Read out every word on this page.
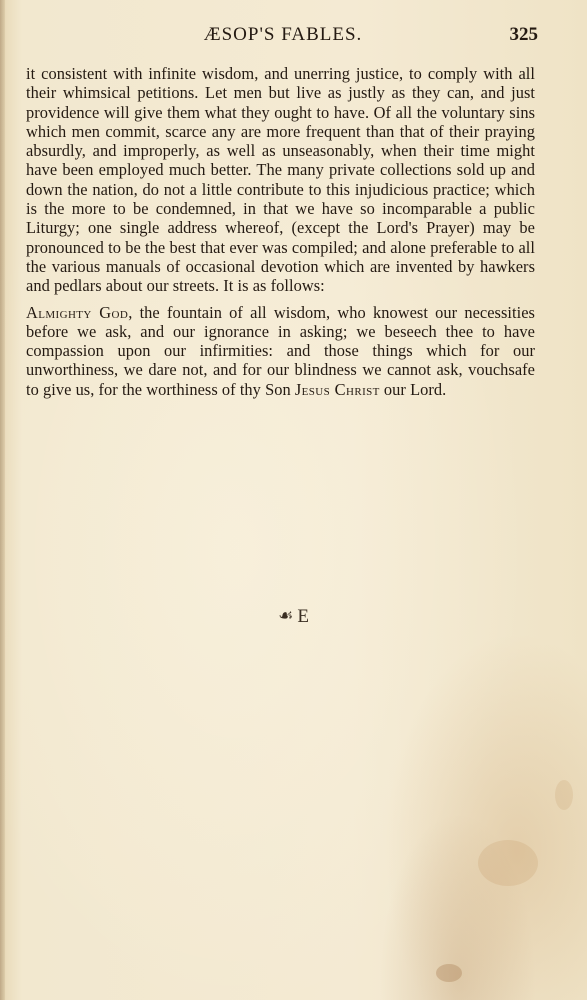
ÆSOP'S FABLES.	325

it consistent with infinite wisdom, and unerring justice, to comply with all their whimsical petitions. Let men but live as justly as they can, and just providence will give them what they ought to have. Of all the voluntary sins which men commit, scarce any are more frequent than that of their praying absurdly, and improperly, as well as unseasonably, when their time might have been employed much better. The many private collections sold up and down the nation, do not a little contribute to this injudicious practice; which is the more to be condemned, in that we have so incomparable a public Liturgy; one single address whereof, (except the Lord's Prayer) may be pronounced to be the best that ever was compiled; and alone preferable to all the various manuals of occasional devotion which are invented by hawkers and pedlars about our streets. It is as follows:

Almighty God, the fountain of all wisdom, who knowest our necessities before we ask, and our ignorance in asking; we beseech thee to have compassion upon our infirmities: and those things which for our unworthiness, we dare not, and for our blindness we cannot ask, vouchsafe to give us, for the worthiness of thy Son Jesus Christ our Lord.

☙ E
